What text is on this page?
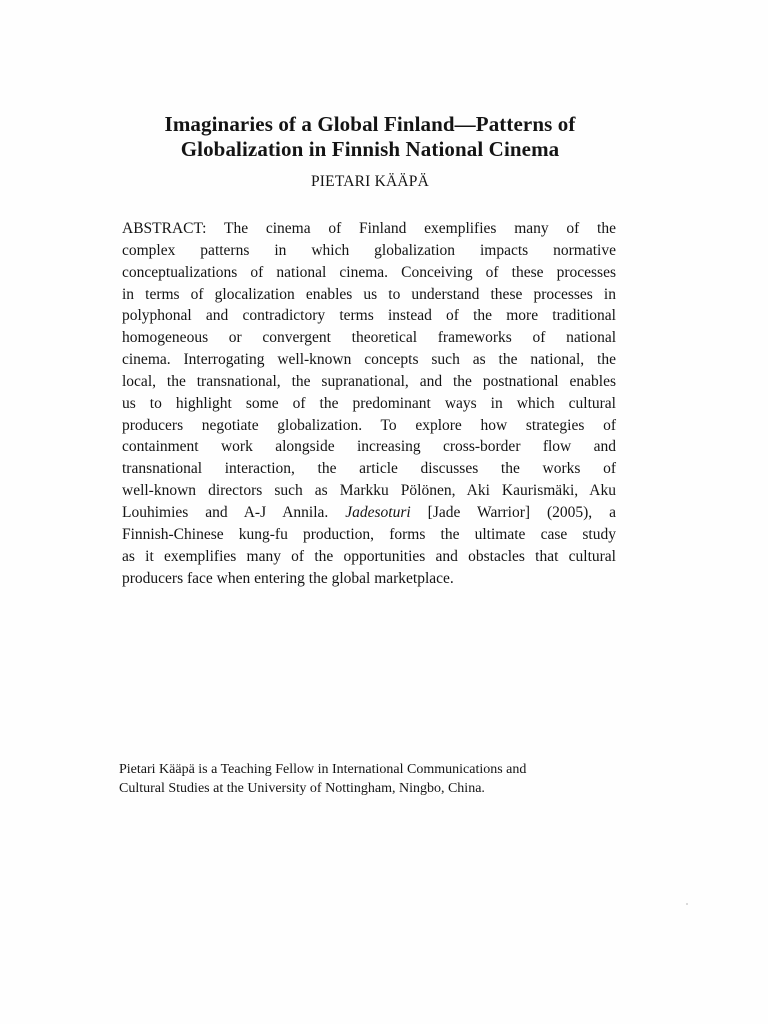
Imaginaries of a Global Finland—Patterns of
Globalization in Finnish National Cinema
PIETARI KÄÄPÄ
ABSTRACT: The cinema of Finland exemplifies many of the
complex patterns in which globalization impacts normative
conceptualizations of national cinema. Conceiving of these processes
in terms of glocalization enables us to understand these processes in
polyphonal and contradictory terms instead of the more traditional
homogeneous or convergent theoretical frameworks of national
cinema. Interrogating well-known concepts such as the national, the
local, the transnational, the supranational, and the postnational enables
us to highlight some of the predominant ways in which cultural
producers negotiate globalization. To explore how strategies of
containment work alongside increasing cross-border flow and
transnational interaction, the article discusses the works of
well-known directors such as Markku Pölönen, Aki Kaurismäki, Aku
Louhimies and A-J Annila. Jadesoturi [Jade Warrior] (2005), a
Finnish-Chinese kung-fu production, forms the ultimate case study
as it exemplifies many of the opportunities and obstacles that cultural
producers face when entering the global marketplace.
Pietari Kääpä is a Teaching Fellow in International Communications and
Cultural Studies at the University of Nottingham, Ningbo, China.
